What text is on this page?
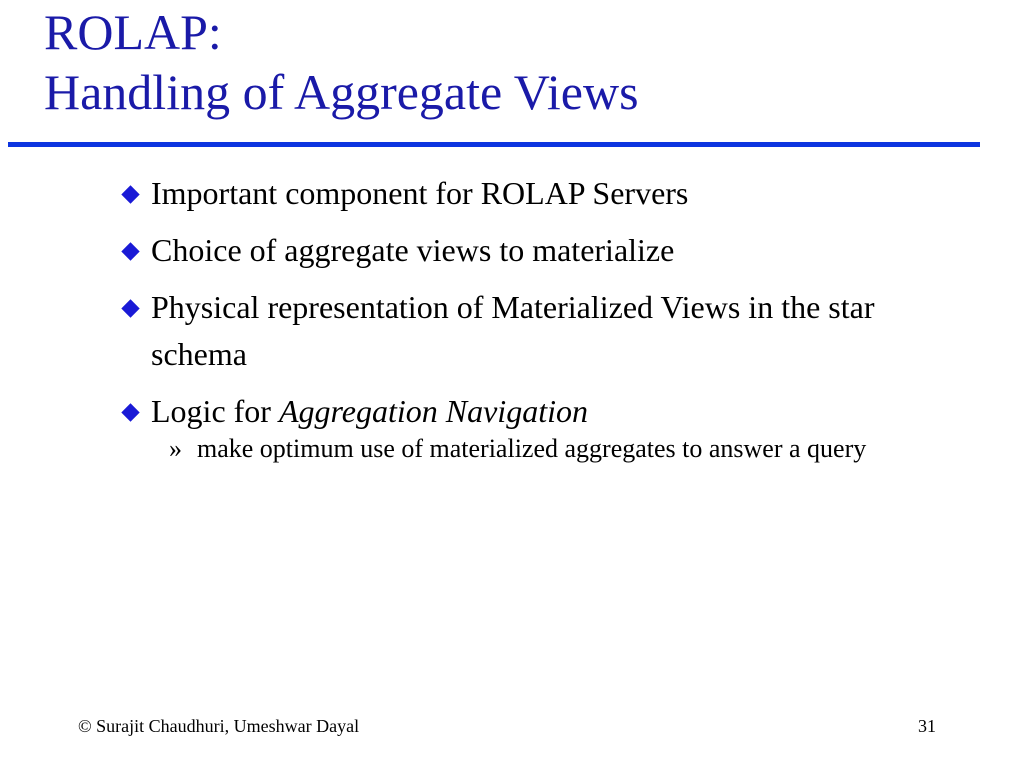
ROLAP:
Handling of Aggregate Views
Important component for ROLAP Servers
Choice of aggregate views to materialize
Physical representation of Materialized Views in the star schema
Logic for Aggregation Navigation
» make optimum use of materialized aggregates to answer a query
© Surajit Chaudhuri, Umeshwar Dayal	31
